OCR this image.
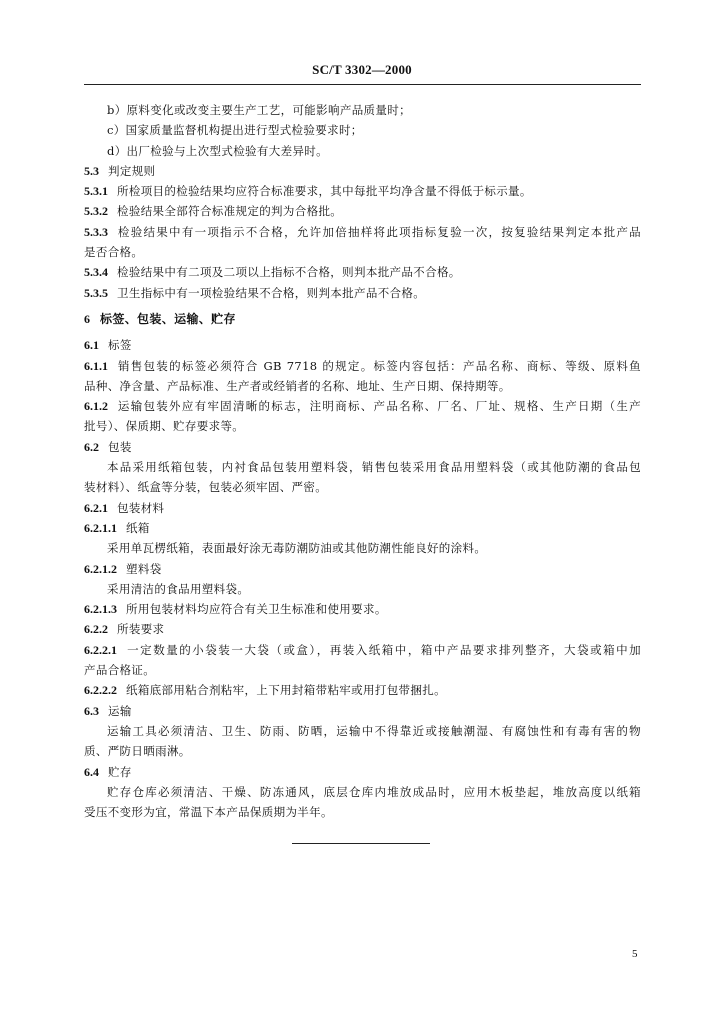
SC/T 3302—2000
b）原料变化或改变主要生产工艺，可能影响产品质量时；
c）国家质量监督机构提出进行型式检验要求时；
d）出厂检验与上次型式检验有大差异时。
5.3 判定规则
5.3.1 所检项目的检验结果均应符合标准要求，其中每批平均净含量不得低于标示量。
5.3.2 检验结果全部符合标准规定的判为合格批。
5.3.3 检验结果中有一项指示不合格，允许加倍抽样将此项指标复验一次，按复验结果判定本批产品
是否合格。
5.3.4 检验结果中有二项及二项以上指标不合格，则判本批产品不合格。
5.3.5 卫生指标中有一项检验结果不合格，则判本批产品不合格。
6 标签、包装、运输、贮存
6.1 标签
6.1.1 销售包装的标签必须符合 GB 7718 的规定。标签内容包括：产品名称、商标、等级、原料鱼
品种、净含量、产品标准、生产者或经销者的名称、地址、生产日期、保持期等。
6.1.2 运输包装外应有牢固清晰的标志，注明商标、产品名称、厂名、厂址、规格、生产日期（生产
批号）、保质期、贮存要求等。
6.2 包装
本品采用纸箱包装，内衬食品包装用塑料袋，销售包装采用食品用塑料袋（或其他防潮的食品包
装材料）、纸盒等分装，包装必须牢固、严密。
6.2.1 包装材料
6.2.1.1 纸箱
采用单瓦楞纸箱，表面最好涂无毒防潮防油或其他防潮性能良好的涂料。
6.2.1.2 塑料袋
采用清洁的食品用塑料袋。
6.2.1.3 所用包装材料均应符合有关卫生标准和使用要求。
6.2.2 所装要求
6.2.2.1 一定数量的小袋装一大袋（或盒），再装入纸箱中，箱中产品要求排列整齐，大袋或箱中加
产品合格证。
6.2.2.2 纸箱底部用粘合剂粘牢，上下用封箱带粘牢或用打包带捆扎。
6.3 运输
运输工具必须清洁、卫生、防雨、防晒，运输中不得靠近或接触潮湿、有腐蚀性和有毒有害的物
质、严防日晒雨淋。
6.4 贮存
贮存仓库必须清洁、干燥、防冻通风，底层仓库内堆放成品时，应用木板垫起，堆放高度以纸箱
受压不变形为宜，常温下本产品保质期为半年。
5
